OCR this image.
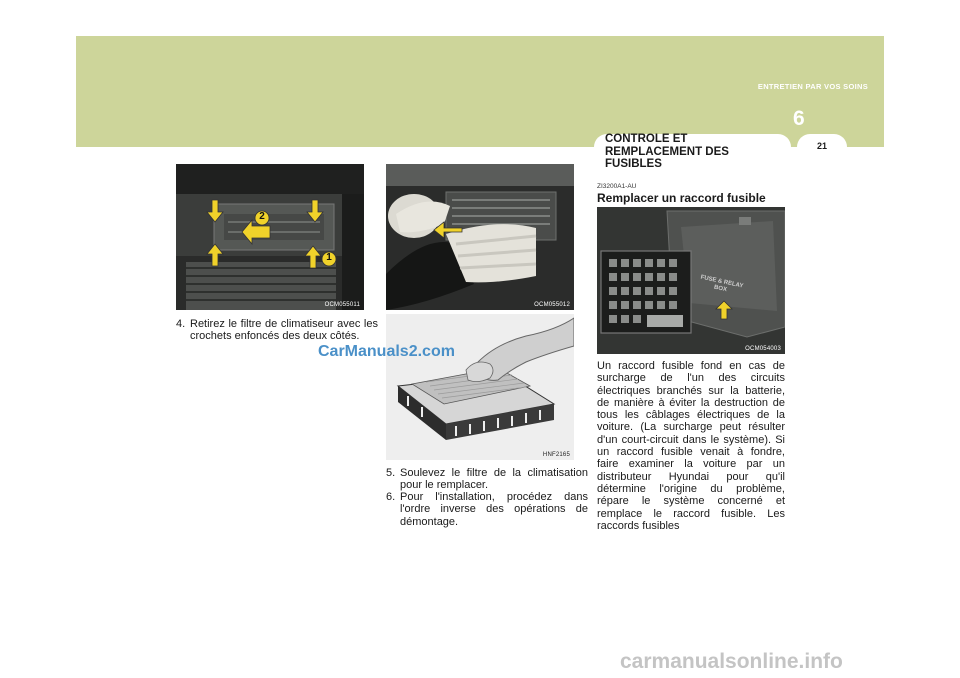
ENTRETIEN PAR VOS SOINS
6
21
CONTROLE ET REMPLACEMENT DES FUSIBLES
2
1
OCM055011
4. Retirez le filtre de climatiseur avec les crochets enfoncés des deux côtés.
OCM055012
HNF2165
5. Soulevez le filtre de la climatisation pour le remplacer.
6. Pour l'installation, procédez dans l'ordre inverse des opérations de démontage.
ZI3200A1-AU
Remplacer un raccord fusible
FUSE & RELAY BOX
OCM054003
Un raccord fusible fond en cas de surcharge de l'un des circuits électriques branchés sur la batterie, de manière à éviter la destruction de tous les câblages électriques de la voiture. (La surcharge peut résulter d'un court-circuit dans le système). Si un raccord fusible venait à fondre, faire examiner la voiture par un distributeur Hyundai pour qu'il détermine l'origine du problème, répare le système concerné et remplace le raccord fusible. Les raccords fusibles
CarManuals2.com
carmanualsonline.info
